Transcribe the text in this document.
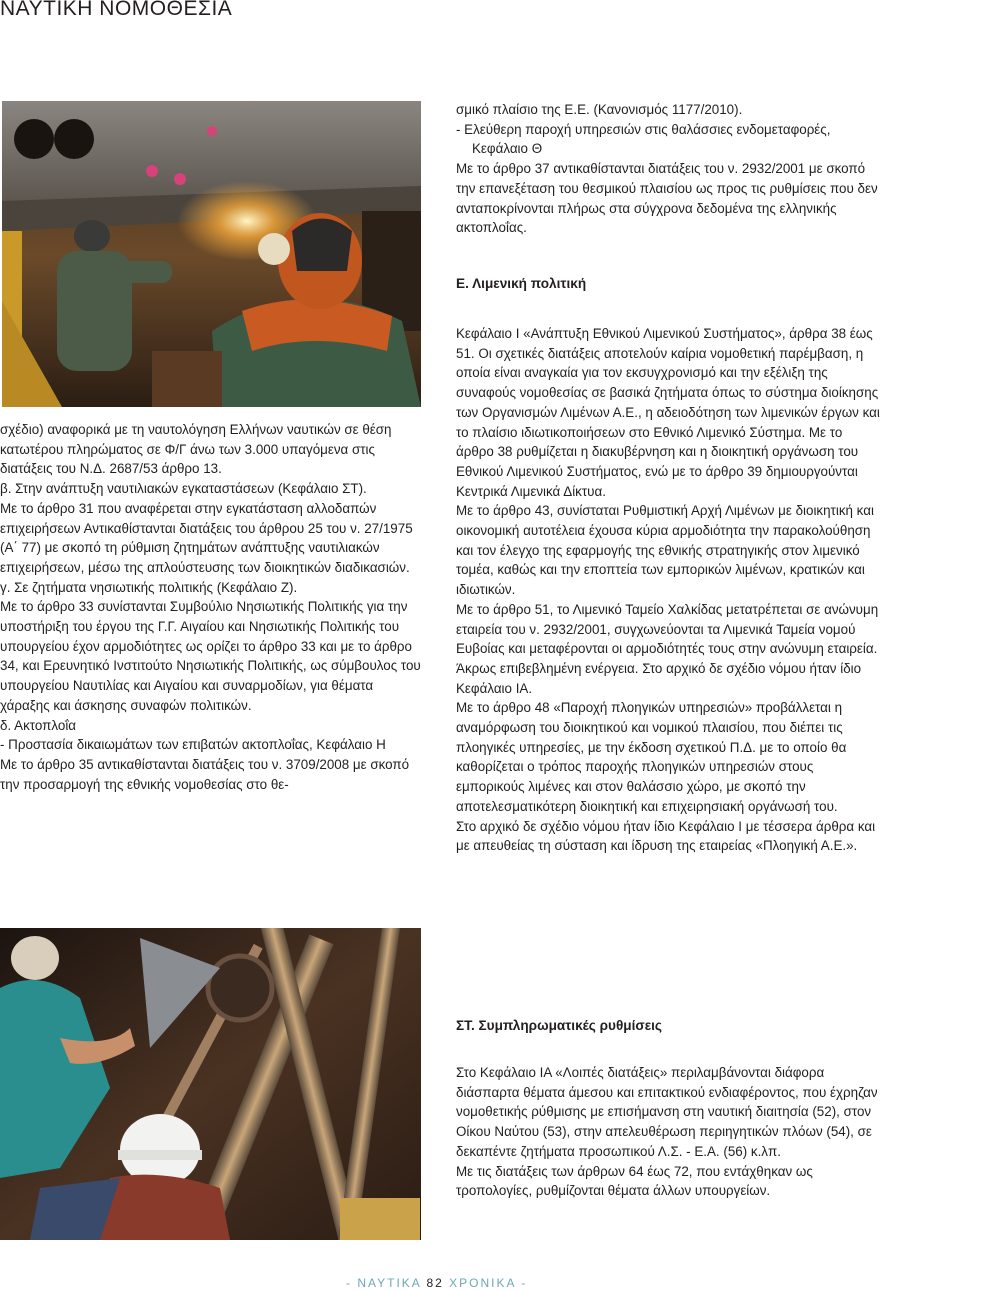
ΝΑΥΤΙΚΗ ΝΟΜΟΘΕΣΙΑ

σχέδιο) αναφορικά με τη ναυτολόγηση Ελλήνων ναυτικών σε θέση κατωτέρου πληρώματος σε Φ/Γ άνω των 3.000 υπαγόμενα στις διατάξεις του Ν.Δ. 2687/53 άρθρο 13.

β. Στην ανάπτυξη ναυτιλιακών εγκαταστάσεων (Κεφάλαιο ΣΤ).

Με το άρθρο 31 που αναφέρεται στην εγκατάσταση αλλοδαπών επιχειρήσεων Αντικαθίστανται διατάξεις του άρθρου 25 του ν. 27/1975 (Α΄ 77) με σκοπό τη ρύθμιση ζητημάτων ανάπτυξης ναυτιλιακών επιχειρήσεων, μέσω της απλούστευσης των διοικητικών διαδικασιών.

γ. Σε ζητήματα νησιωτικής πολιτικής (Κεφάλαιο Ζ).

Με το άρθρο 33 συνίστανται Συμβούλιο Νησιωτικής Πολιτικής για την υποστήριξη του έργου της Γ.Γ. Αιγαίου και Νησιωτικής Πολιτικής του υπουργείου έχον αρμοδιότητες ως ορίζει το άρθρο 33 και με το άρθρο 34, και Ερευνητικό Ινστιτούτο Νησιωτικής Πολιτικής, ως σύμβουλος του υπουργείου Ναυτιλίας και Αιγαίου και συναρμοδίων, για θέματα χάραξης και άσκησης συναφών πολιτικών.

δ. Ακτοπλοΐα

- Προστασία δικαιωμάτων των επιβατών ακτοπλοΐας, Κεφάλαιο Η

Με το άρθρο 35 αντικαθίστανται διατάξεις του ν. 3709/2008 με σκοπό την προσαρμογή της εθνικής νομοθεσίας στο θε-

σμικό πλαίσιο της Ε.Ε. (Κανονισμός 1177/2010).

- Ελεύθερη παροχή υπηρεσιών στις θαλάσσιες ενδομεταφορές, Κεφάλαιο Θ

Με το άρθρο 37 αντικαθίστανται διατάξεις του ν. 2932/2001 με σκοπό την επανεξέταση του θεσμικού πλαισίου ως προς τις ρυθμίσεις που δεν ανταποκρίνονται πλήρως στα σύγχρονα δεδομένα της ελληνικής ακτοπλοΐας.

Ε. Λιμενική πολιτική

Κεφάλαιο Ι «Ανάπτυξη Εθνικού Λιμενικού Συστήματος», άρθρα 38 έως 51. Οι σχετικές διατάξεις αποτελούν καίρια νομοθετική παρέμβαση, η οποία είναι αναγκαία για τον εκσυγχρονισμό και την εξέλιξη της συναφούς νομοθεσίας σε βασικά ζητήματα όπως το σύστημα διοίκησης των Οργανισμών Λιμένων Α.Ε., η αδειοδότηση των λιμενικών έργων και το πλαίσιο ιδιωτικοποιήσεων στο Εθνικό Λιμενικό Σύστημα. Με το άρθρο 38 ρυθμίζεται η διακυβέρνηση και η διοικητική οργάνωση του Εθνικού Λιμενικού Συστήματος, ενώ με το άρθρο 39 δημιουργούνται Κεντρικά Λιμενικά Δίκτυα.

Με το άρθρο 43, συνίσταται Ρυθμιστική Αρχή Λιμένων με διοικητική και οικονομική αυτοτέλεια έχουσα κύρια αρμοδιότητα την παρακολούθηση και τον έλεγχο της εφαρμογής της εθνικής στρατηγικής στον λιμενικό τομέα, καθώς και την εποπτεία των εμπορικών λιμένων, κρατικών και ιδιωτικών.

Με το άρθρο 51, το Λιμενικό Ταμείο Χαλκίδας μετατρέπεται σε ανώνυμη εταιρεία του ν. 2932/2001, συγχωνεύονται τα Λιμενικά Ταμεία νομού Ευβοίας και μεταφέρονται οι αρμοδιότητές τους στην ανώνυμη εταιρεία.

Άκρως επιβεβλημένη ενέργεια. Στο αρχικό δε σχέδιο νόμου ήταν ίδιο Κεφάλαιο ΙΑ.

Με το άρθρο 48 «Παροχή πλοηγικών υπηρεσιών» προβάλλεται η αναμόρφωση του διοικητικού και νομικού πλαισίου, που διέπει τις πλοηγικές υπηρεσίες, με την έκδοση σχετικού Π.Δ. με το οποίο θα καθορίζεται ο τρόπος παροχής πλοηγικών υπηρεσιών στους εμπορικούς λιμένες και στον θαλάσσιο χώρο, με σκοπό την αποτελεσματικότερη διοικητική και επιχειρησιακή οργάνωσή του.

Στο αρχικό δε σχέδιο νόμου ήταν ίδιο Κεφάλαιο Ι με τέσσερα άρθρα και με απευθείας τη σύσταση και ίδρυση της εταιρείας «Πλοηγική Α.Ε.».

ΣΤ. Συμπληρωματικές ρυθμίσεις

Στο Κεφάλαιο ΙΑ «Λοιπές διατάξεις» περιλαμβάνονται διάφορα διάσπαρτα θέματα άμεσου και επιτακτικού ενδιαφέροντος, που έχρηζαν νομοθετικής ρύθμισης με επισήμανση στη ναυτική διαιτησία (52), στον Οίκου Ναύτου (53), στην απελευθέρωση περιηγητικών πλόων (54), σε δεκαπέντε ζητήματα προσωπικού Λ.Σ. - Ε.Α. (56) κ.λπ.

Με τις διατάξεις των άρθρων 64 έως 72, που εντάχθηκαν ως τροπολογίες, ρυθμίζονται θέματα άλλων υπουργείων.

- ΝΑΥΤΙΚΑ 82 ΧΡΟΝΙΚΑ -
